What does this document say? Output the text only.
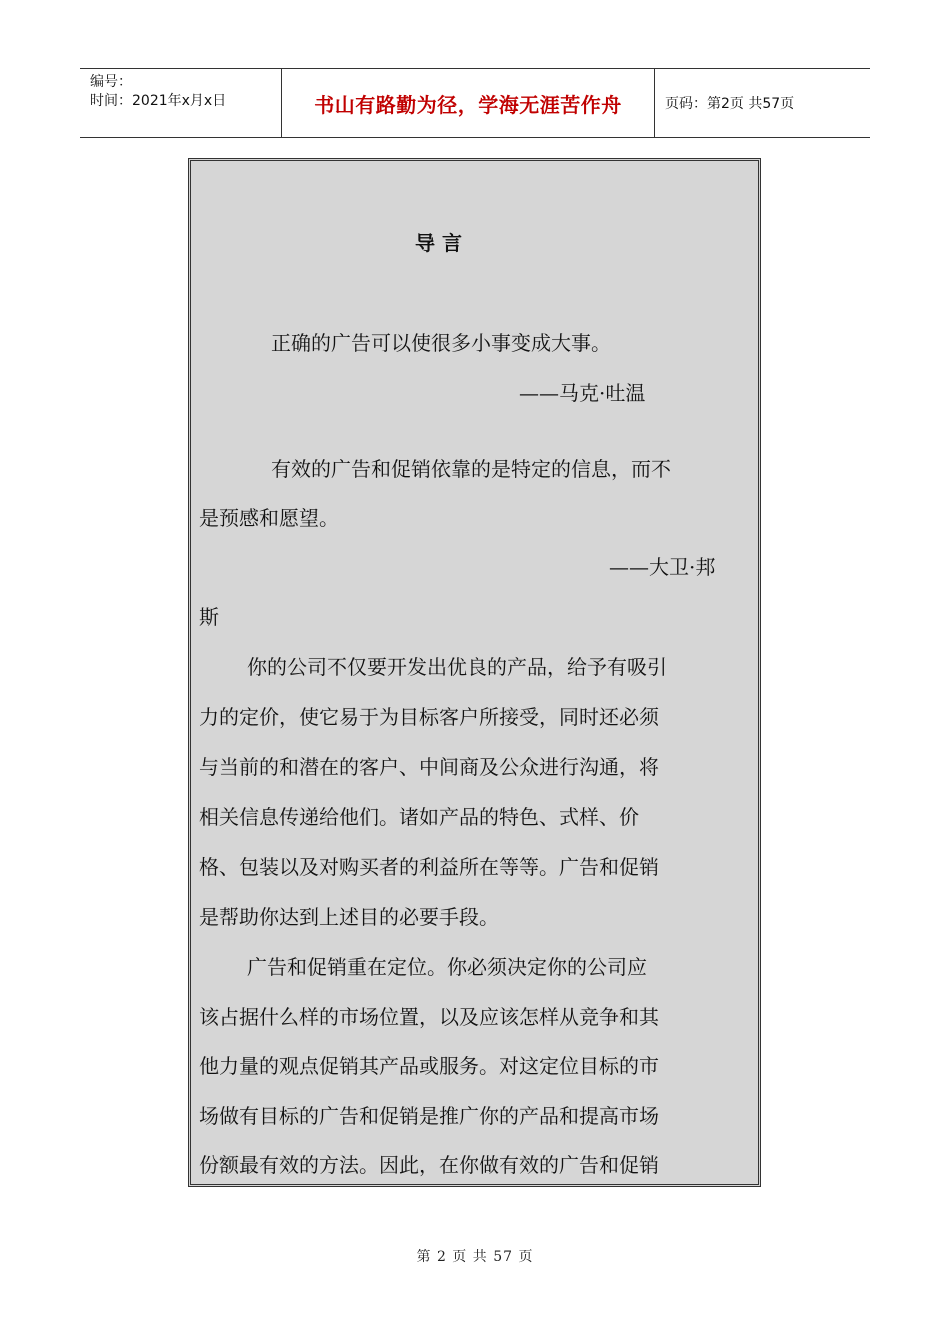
编号：
时间：2021年x月x日	书山有路勤为径，学海无涯苦作舟	页码：第2页 共57页
导 言
正确的广告可以使很多小事变成大事。
——马克·吐温
有效的广告和促销依靠的是特定的信息，而不
是预感和愿望。
——大卫·邦
斯
你的公司不仅要开发出优良的产品，给予有吸引
力的定价，使它易于为目标客户所接受，同时还必须
与当前的和潜在的客户、中间商及公众进行沟通，将
相关信息传递给他们。诸如产品的特色、式样、价
格、包装以及对购买者的利益所在等等。广告和促销
是帮助你达到上述目的必要手段。
广告和促销重在定位。你必须决定你的公司应
该占据什么样的市场位置，以及应该怎样从竞争和其
他力量的观点促销其产品或服务。对这定位目标的市
场做有目标的广告和促销是推广你的产品和提高市场
份额最有效的方法。因此，在你做有效的广告和促销
第 2 页 共 57 页
